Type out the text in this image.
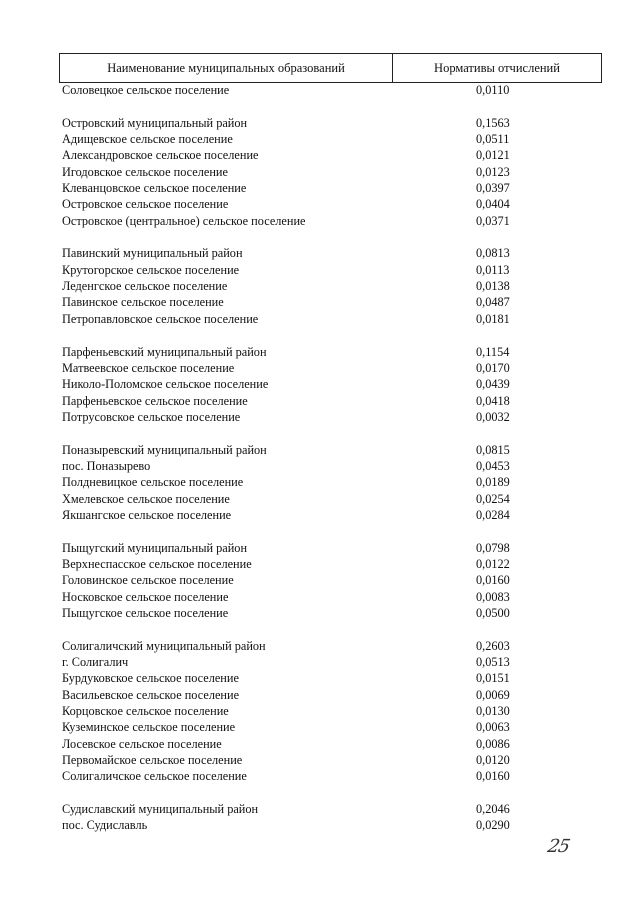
Наименование муниципальных образований	Нормативы отчислений
Соловецкое сельское поселение	0,0110
Островский муниципальный район	0,1563
Адищевское сельское поселение	0,0511
Александровское сельское поселение	0,0121
Игодовское сельское поселение	0,0123
Клеванцовское сельское поселение	0,0397
Островское сельское поселение	0,0404
Островское (центральное) сельское поселение	0,0371
Павинский муниципальный район	0,0813
Крутогорское сельское поселение	0,0113
Леденгское сельское поселение	0,0138
Павинское сельское поселение	0,0487
Петропавловское сельское поселение	0,0181
Парфеньевский муниципальный район	0,1154
Матвеевское сельское поселение	0,0170
Николо-Поломское сельское поселение	0,0439
Парфеньевское сельское поселение	0,0418
Потрусовское сельское поселение	0,0032
Поназыревский муниципальный район	0,0815
пос. Поназырево	0,0453
Полдневицкое сельское поселение	0,0189
Хмелевское сельское поселение	0,0254
Якшангское сельское поселение	0,0284
Пыщугский муниципальный район	0,0798
Верхнеспасское сельское поселение	0,0122
Головинское сельское поселение	0,0160
Носковское сельское поселение	0,0083
Пыщугское сельское поселение	0,0500
Солигаличский муниципальный район	0,2603
г. Солигалич	0,0513
Бурдуковское сельское поселение	0,0151
Васильевское сельское поселение	0,0069
Корцовское сельское поселение	0,0130
Куземинское сельское поселение	0,0063
Лосевское сельское поселение	0,0086
Первомайское сельское поселение	0,0120
Солигаличское сельское поселение	0,0160
Судиславский муниципальный район	0,2046
пос. Судиславль	0,0290
25
